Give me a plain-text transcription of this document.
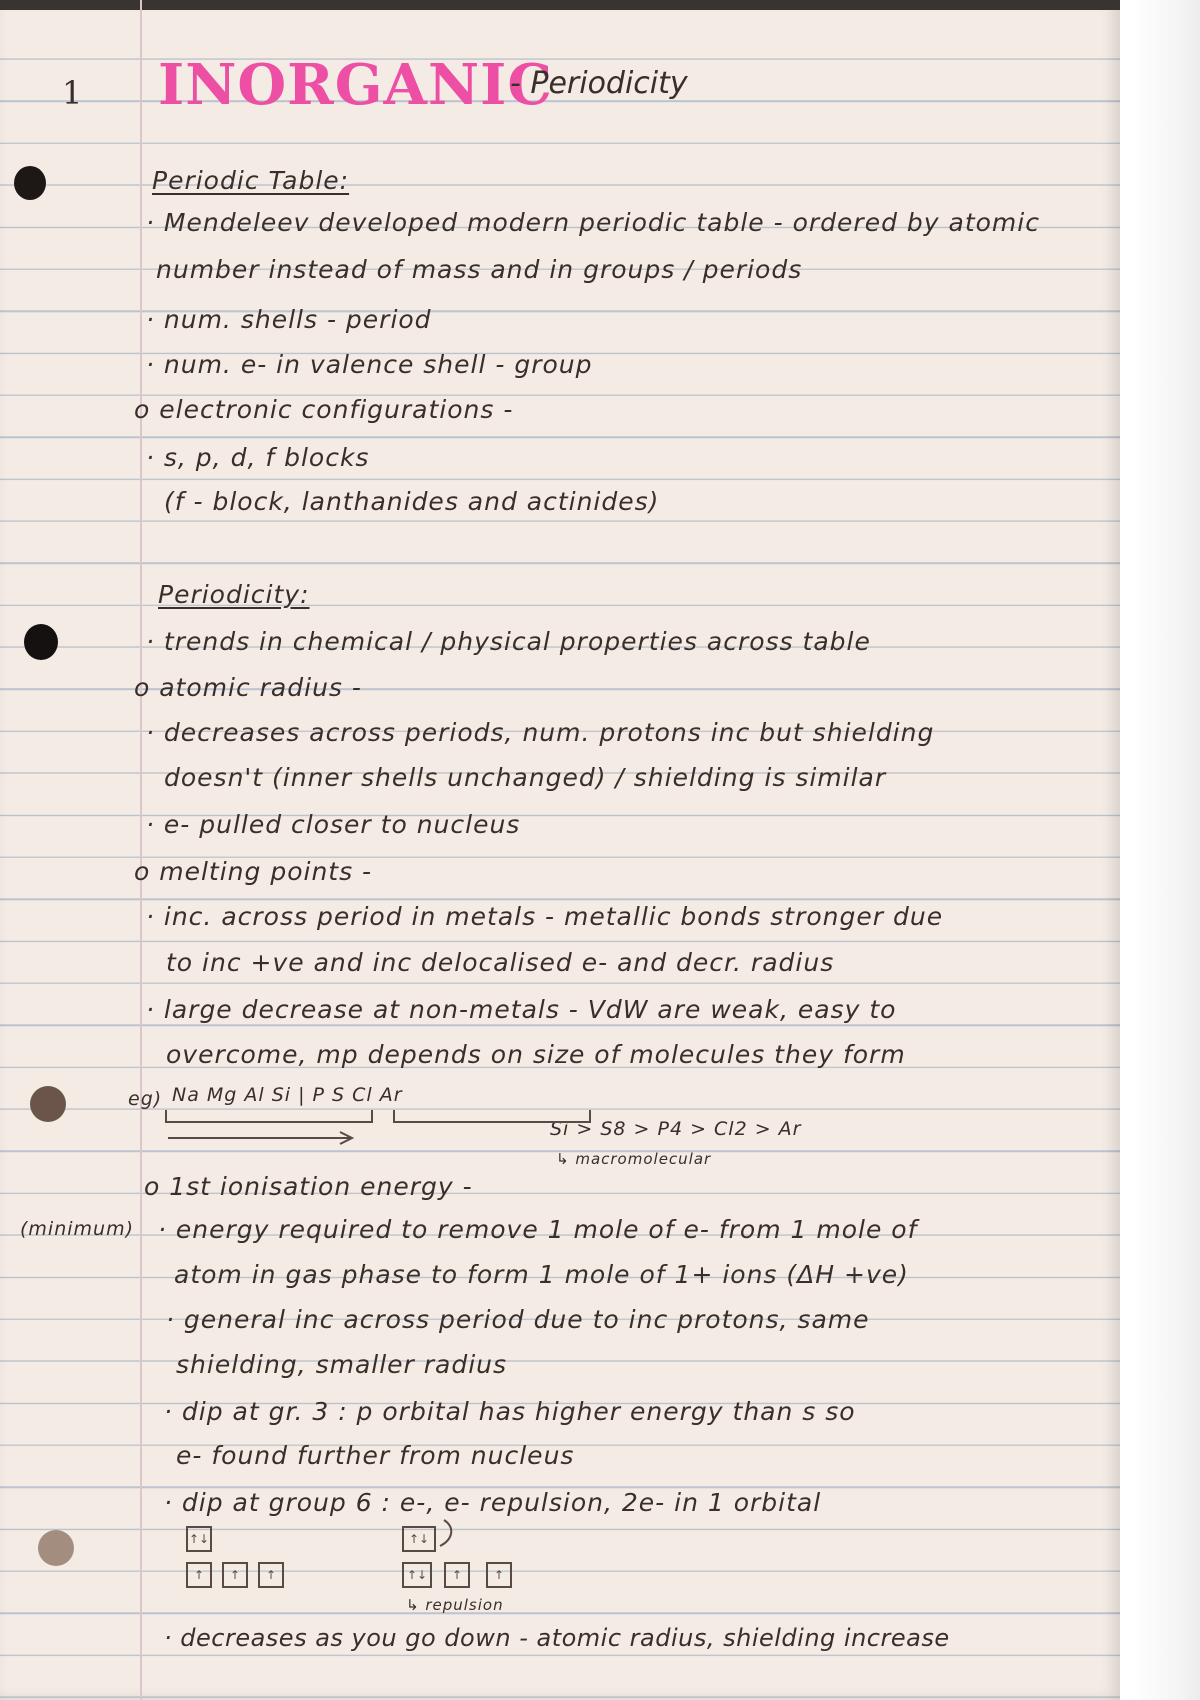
1 INORGANIC
- Periodicity
Periodic Table:
· Mendeleev developed modern periodic table - ordered by atomic
number instead of mass and in groups / periods
· num. shells - period
· num. e- in valence shell - group
o electronic configurations -
· s, p, d, f blocks
(f - block, lanthanides and actinides)
Periodicity:
· trends in chemical / physical properties across table
o atomic radius -
· decreases across periods, num. protons inc but shielding
doesn't (inner shells unchanged) / shielding is similar
· e- pulled closer to nucleus
o melting points -
· inc. across period in metals - metallic bonds stronger due
to inc +ve and inc delocalised e- and decr. radius
· large decrease at non-metals - VdW are weak, easy to
overcome, mp depends on size of molecules they form
eg) Na Mg Al Si | P S Cl Ar
Si > S8 > P4 > Cl2 > Ar
↳ macromolecular
o 1st ionisation energy -
(minimum) · energy required to remove 1 mole of e- from 1 mole of
atom in gas phase to form 1 mole of 1+ ions (ΔH +ve)
· general inc across period due to inc protons, same
shielding, smaller radius
· dip at gr. 3 : p orbital has higher energy than s so
e- found further from nucleus
· dip at group 6 : e-, e- repulsion, 2e- in 1 orbital
↑↓
↑	↑	↑
↑↓
↑↓	↑	↑
↳ repulsion
· decreases as you go down - atomic radius, shielding increase
